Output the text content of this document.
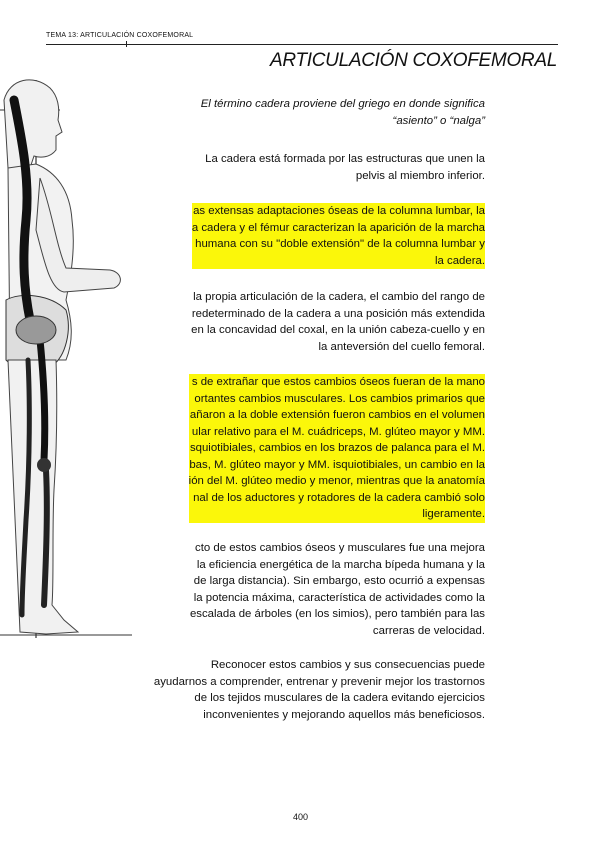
TEMA 13: ARTICULACIÓN COXOFEMORAL
ARTICULACIÓN COXOFEMORAL
El término cadera proviene del griego en donde significa
“asiento” o “nalga”
La cadera está formada por las estructuras que unen la
pelvis al miembro inferior.
as extensas adaptaciones óseas de la columna lumbar, la
a cadera y el fémur caracterizan la aparición de la marcha
humana con su "doble extensión" de la columna lumbar y
la cadera.
la propia articulación de la cadera, el cambio del rango de
redeterminado de la cadera a una posición más extendida
en la concavidad del coxal, en la unión cabeza-cuello y en
la anteversión del cuello femoral.
s de extrañar que estos cambios óseos fueran de la mano
ortantes cambios musculares. Los cambios primarios que
añaron a la doble extensión fueron cambios en el volumen
ular relativo para el M. cuádriceps, M. glúteo mayor y MM.
squiotibiales, cambios en los brazos de palanca para el M.
bas, M. glúteo mayor y MM. isquiotibiales, un cambio en la
ión del M. glúteo medio y menor, mientras que la anatomía
nal de los aductores y rotadores de la cadera cambió solo
ligeramente.
cto de estos cambios óseos y musculares fue una mejora
la eficiencia energética de la marcha bípeda humana y la
de larga distancia). Sin embargo, esto ocurrió a expensas
la potencia máxima, característica de actividades como la
escalada de árboles (en los simios), pero también para las
carreras de velocidad.
Reconocer estos cambios y sus consecuencias puede
ayudarnos a comprender, entrenar y prevenir mejor los trastornos
de los tejidos musculares de la cadera evitando ejercicios
inconvenientes y mejorando aquellos más beneficiosos.
400
